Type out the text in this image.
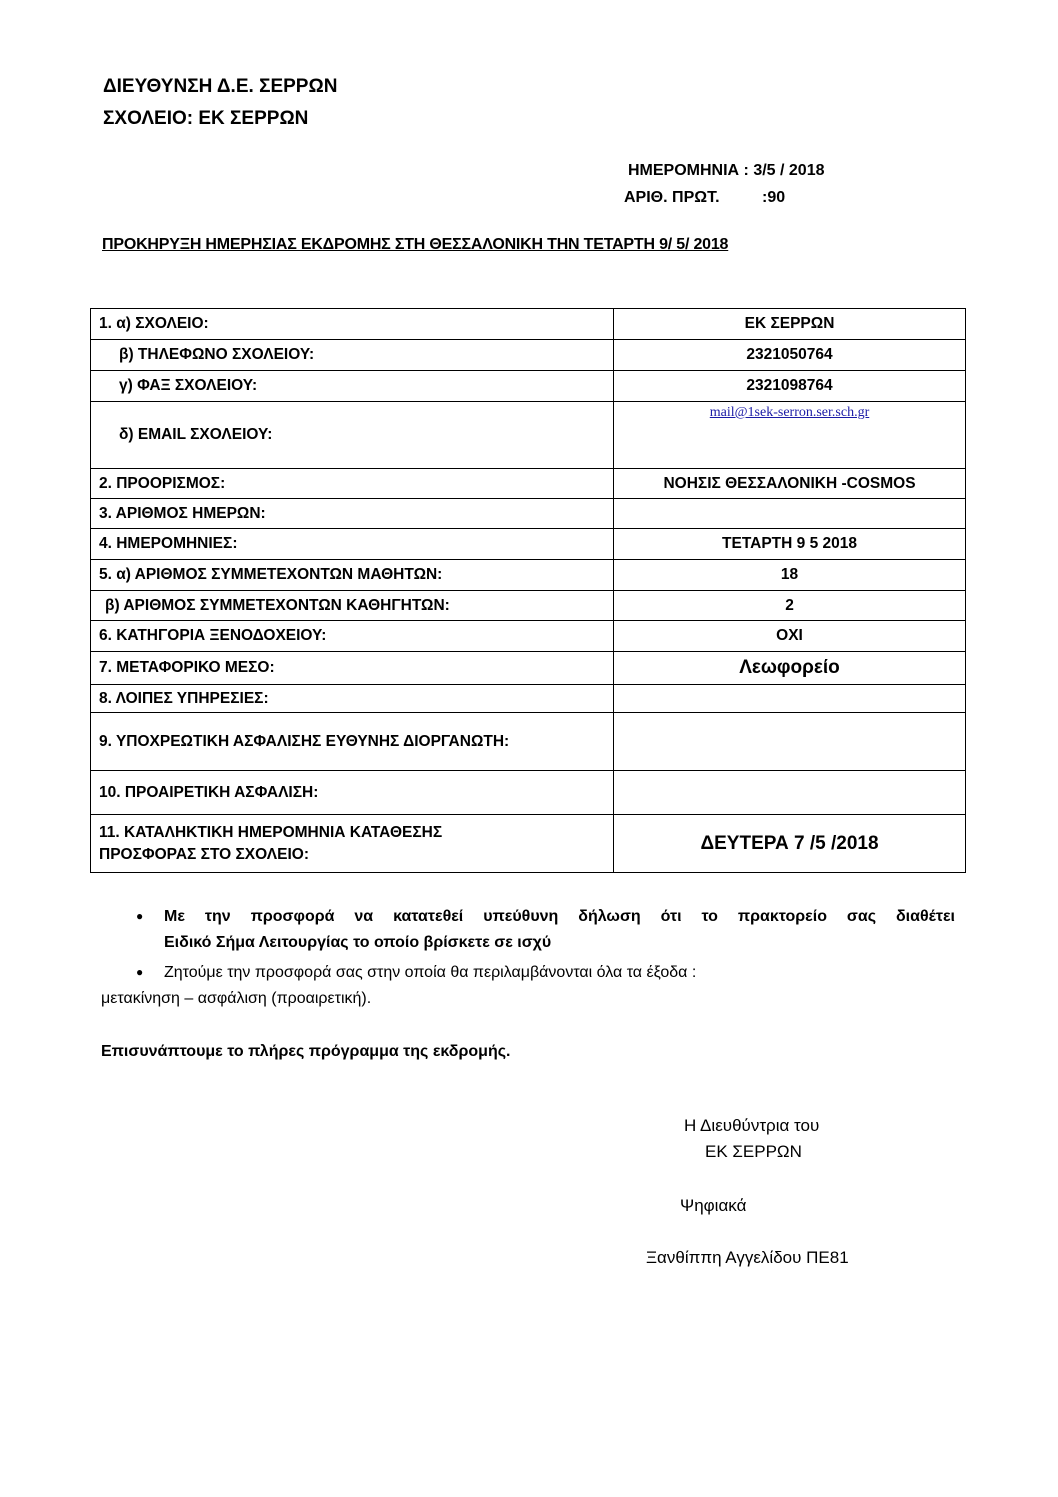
ΔΙΕΥΘΥΝΣΗ Δ.Ε. ΣΕΡΡΩΝ
ΣΧΟΛΕΙΟ: ΕΚ ΣΕΡΡΩΝ
ΗΜΕΡΟΜΗΝΙΑ : 3/5 / 2018
ΑΡΙΘ. ΠΡΩΤ.	:90
ΠΡΟΚΗΡΥΞΗ ΗΜΕΡΗΣΙΑΣ ΕΚΔΡΟΜΗΣ ΣΤΗ ΘΕΣΣΑΛΟΝΙΚΗ ΤΗΝ ΤΕΤΑΡΤΗ 9/ 5/ 2018
1. α) ΣΧΟΛΕΙΟ:	ΕΚ ΣΕΡΡΩΝ
β) ΤΗΛΕΦΩΝΟ ΣΧΟΛΕΙΟΥ:	2321050764
γ) ΦΑΞ ΣΧΟΛΕΙΟΥ:	2321098764
δ) EMAIL ΣΧΟΛΕΙΟΥ:	mail@1sek-serron.ser.sch.gr
2. ΠΡΟΟΡΙΣΜΟΣ:	ΝΟΗΣΙΣ ΘΕΣΣΑΛΟΝΙΚΗ -COSMOS
3. ΑΡΙΘΜΟΣ ΗΜΕΡΩΝ:	
4. ΗΜΕΡΟΜΗΝΙΕΣ:	ΤΕΤΑΡΤΗ 9 5 2018
5. α) ΑΡΙΘΜΟΣ ΣΥΜΜΕΤΕΧΟΝΤΩΝ ΜΑΘΗΤΩΝ:	18
β) ΑΡΙΘΜΟΣ ΣΥΜΜΕΤΕΧΟΝΤΩΝ ΚΑΘΗΓΗΤΩΝ:	2
6. ΚΑΤΗΓΟΡΙΑ ΞΕΝΟΔΟΧΕΙΟΥ:	ΟΧΙ
7. ΜΕΤΑΦΟΡΙΚΟ ΜΕΣΟ:	Λεωφορείο
8. ΛΟΙΠΕΣ ΥΠΗΡΕΣΙΕΣ:	
9. ΥΠΟΧΡΕΩΤΙΚΗ ΑΣΦΑΛΙΣΗΣ ΕΥΘΥΝΗΣ ΔΙΟΡΓΑΝΩΤΗ:	
10. ΠΡΟΑΙΡΕΤΙΚΗ ΑΣΦΑΛΙΣΗ:	

11. ΚΑΤΑΛΗΚΤΙΚΗ ΗΜΕΡΟΜΗΝΙΑ ΚΑΤΑΘΕΣΗΣ
ΠΡΟΣΦΟΡΑΣ ΣΤΟ ΣΧΟΛΕΙΟ:	ΔΕΥΤΕΡΑ 7 /5 /2018
● Με την προσφορά να κατατεθεί υπεύθυνη δήλωση ότι το πρακτορείο σας διαθέτει
Ειδικό Σήμα Λειτουργίας το οποίο βρίσκετε σε ισχύ
● Ζητούμε την προσφορά σας στην οποία θα περιλαμβάνονται όλα τα έξοδα :
μετακίνηση – ασφάλιση (προαιρετική).
Επισυνάπτουμε το πλήρες πρόγραμμα της εκδρομής.
Η Διευθύντρια του
ΕΚ ΣΕΡΡΩΝ
Ψηφιακά
Ξανθίππη Αγγελίδου ΠΕ81
